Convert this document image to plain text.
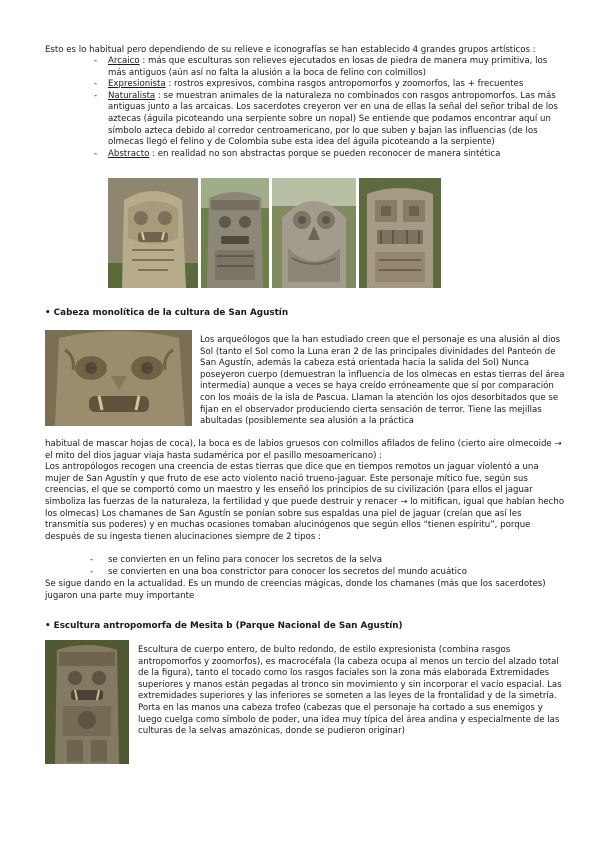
Esto es lo habitual pero dependiendo de su relieve e iconografías se han establecido 4 grandes grupos artísticos :

- Arcaico : más que esculturas son relieves ejecutados en losas de piedra de manera muy primitiva, los más antiguos (aún así no falta la alusión a la boca de felino con colmillos)
- Expresionista : rostros expresivos, combina rasgos antropomorfos y zoomorfos, las + frecuentes
- Naturalista : se muestran animales de la naturaleza no combinados con rasgos antropomorfos. Las más antiguas junto a las arcaicas. Los sacerdotes creyeron ver en una de ellas la señal del señor tribal de los aztecas (águila picoteando una serpiente sobre un nopal) Se entiende que podamos encontrar aquí un símbolo azteca debido al corredor centroamericano, por lo que suben y bajan las influencias (de los olmecas llegó el felino y de Colombia sube esta idea del águila picoteando a la serpiente)
- Abstracto : en realidad no son abstractas porque se pueden reconocer de manera sintética
• Cabeza monolítica de la cultura de San Agustín

Los arqueólogos que la han estudiado creen que el personaje es una alusión al dios Sol (tanto el Sol como la Luna eran 2 de las principales divinidades del Panteón de San Agustín, además la cabeza está orientada hacia la salida del Sol) Nunca poseyeron cuerpo (demuestran la influencia de los olmecas en estas tierras del área intermedia) aunque a veces se haya creído erróneamente que sí por comparación con los moáis de la isla de Pascua. Llaman la atención los ojos desorbitados que se fijan en el observador produciendo cierta sensación de terror. Tiene las mejillas abultadas (posiblemente sea alusión a la práctica

habitual de mascar hojas de coca), la boca es de labios gruesos con colmillos afilados de felino (cierto aire olmecoide → el mito del dios jaguar viaja hasta sudamérica por el pasillo mesoamericano) :

Los antropólogos recogen una creencia de estas tierras que dice que en tiempos remotos un jaguar violentó a una mujer de San Agustín y que fruto de ese acto violento nació trueno-jaguar. Este personaje mítico fue, según sus creencias, el que se comportó como un maestro y les enseñó los principios de su civilización (para ellos el jaguar simboliza las fuerzas de la naturaleza, la fertilidad y que puede destruir y renacer → lo mitifican, igual que habían hecho los olmecas) Los chamanes de San Agustín se ponían sobre sus espaldas una piel de jaguar (creían que así les transmitía sus poderes) y en muchas ocasiones tomaban alucinógenos que según ellos “tienen espíritu”, porque después de su ingesta tienen alucinaciones siempre de 2 tipos :

- se convierten en un felino para conocer los secretos de la selva
- se convierten en una boa constrictor para conocer los secretos del mundo acuático

Se sigue dando en la actualidad. Es un mundo de creencias mágicas, donde los chamanes (más que los sacerdotes) jugaron una parte muy importante

• Escultura antropomorfa de Mesita b (Parque Nacional de San Agustín)

Escultura de cuerpo entero, de bulto redondo, de estilo expresionista (combina rasgos antropomorfos y zoomorfos), es macrocéfala (la cabeza ocupa al menos un tercio del alzado total de la figura), tanto el tocado como los rasgos faciales son la zona más elaborada Extremidades superiores y manos están pegadas al tronco sin movimiento y sin incorporar el vacío espacial. Las extremidades superiores y las inferiores se someten a las leyes de la frontalidad y de la simetría. Porta en las manos una cabeza trofeo (cabezas que el personaje ha cortado a sus enemigos y luego cuelga como símbolo de poder, una idea muy típica del área andina y especialmente de las culturas de la selvas amazónicas, donde se pudieron originar)
